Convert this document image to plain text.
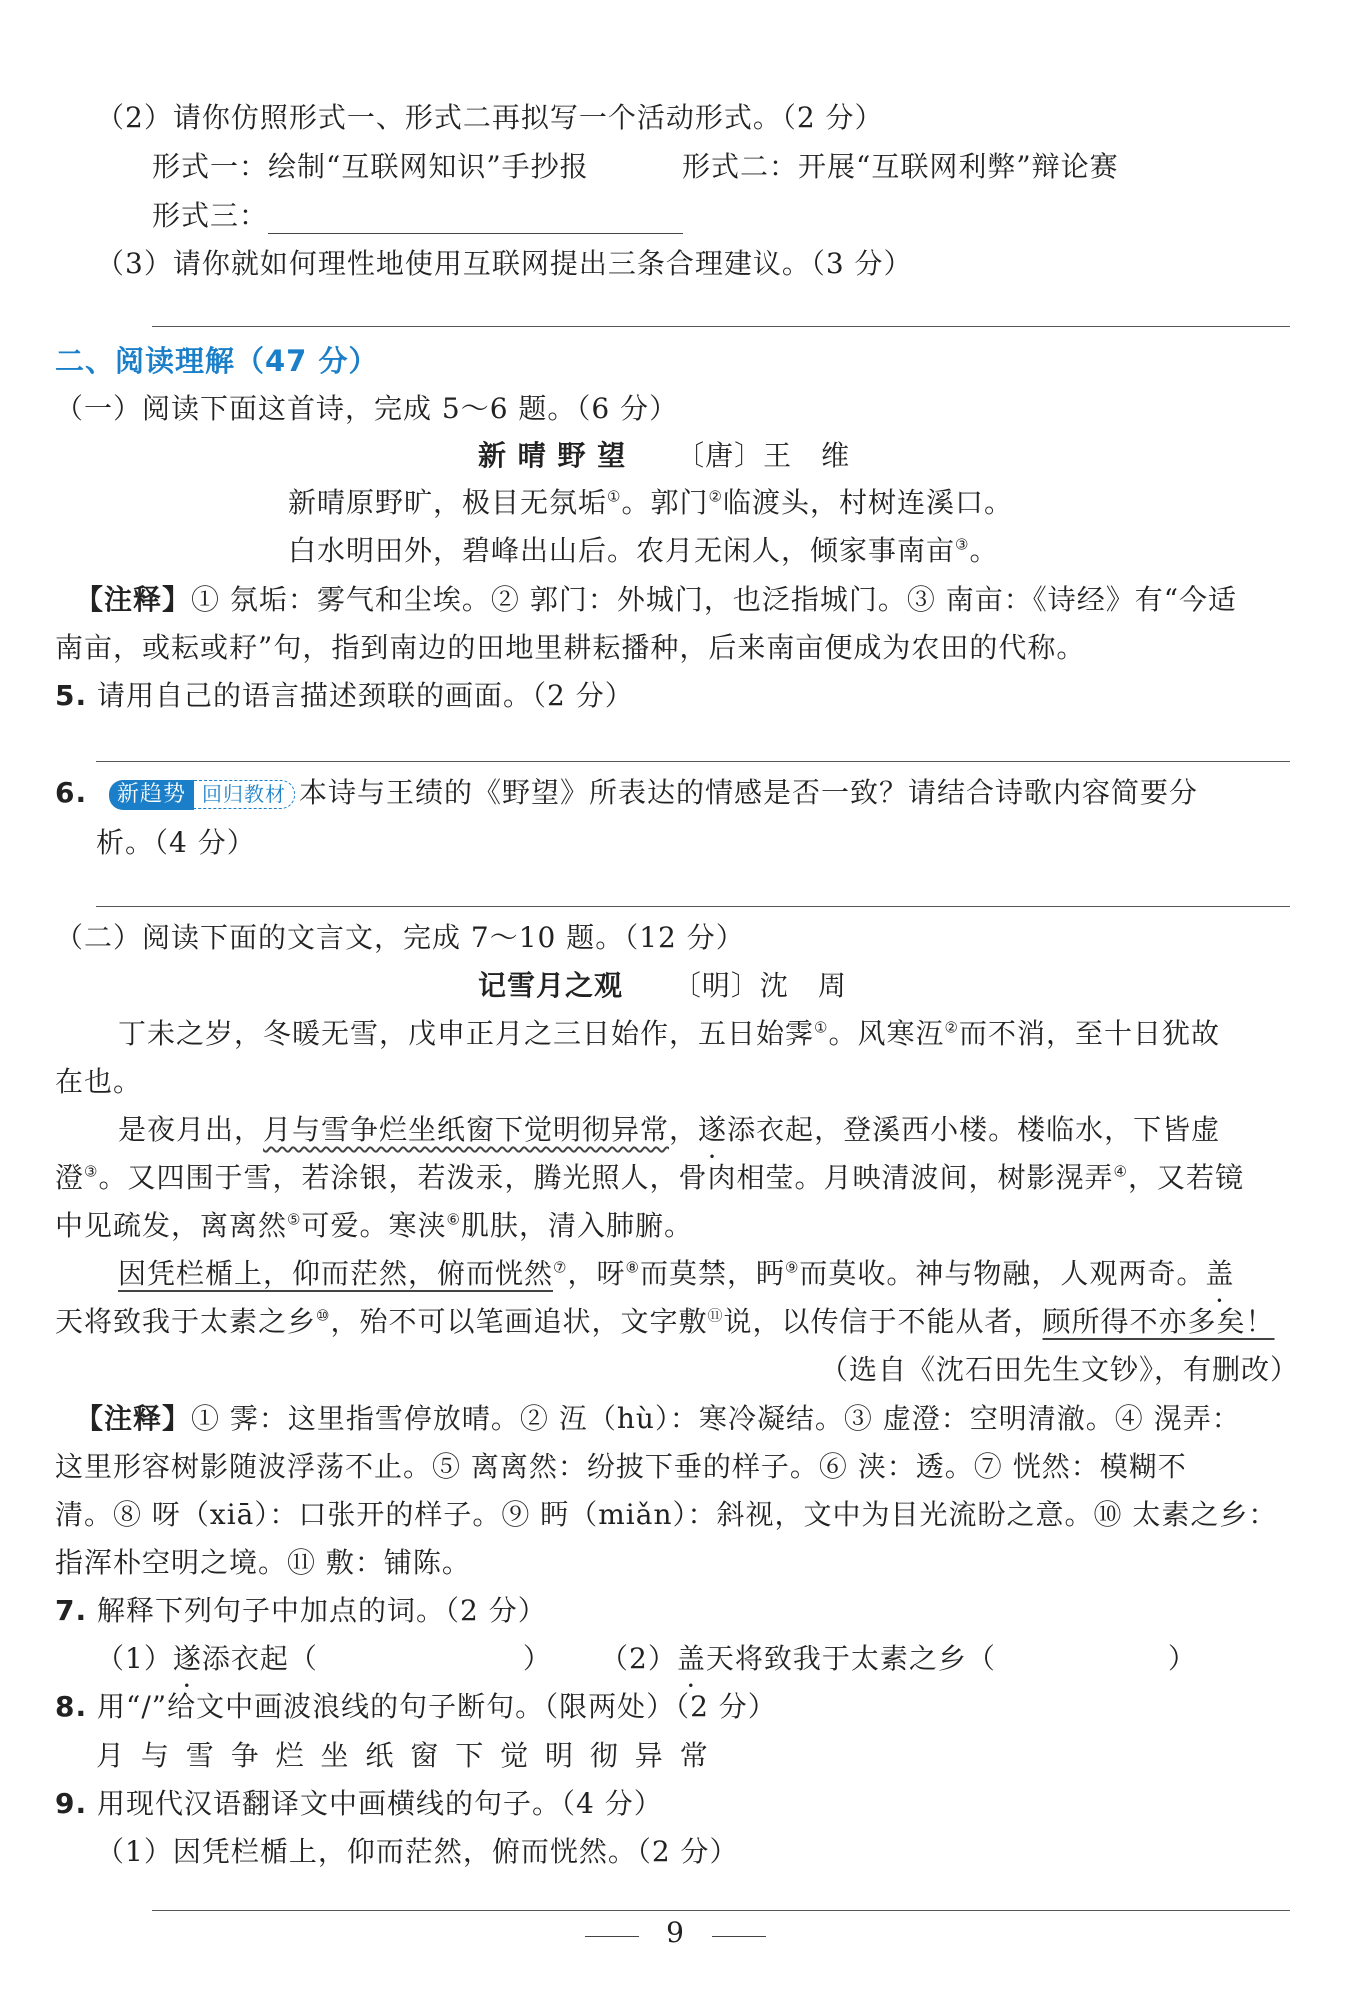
（2）请你仿照形式一、形式二再拟写一个活动形式。（2 分）
形式一：绘制“互联网知识”手抄报	形式二：开展“互联网利弊”辩论赛
形式三：
（3）请你就如何理性地使用互联网提出三条合理建议。（3 分）
二、阅读理解（47 分）
（一）阅读下面这首诗，完成 5～6 题。（6 分）
新 晴 野 望 〔唐〕王　维
新晴原野旷，极目无氛垢①。郭门②临渡头，村树连溪口。
白水明田外，碧峰出山后。农月无闲人，倾家事南亩③。
【注释】① 氛垢：雾气和尘埃。② 郭门：外城门，也泛指城门。③ 南亩：《诗经》有“今适
南亩，或耘或耔”句，指到南边的田地里耕耘播种，后来南亩便成为农田的代称。
5. 请用自己的语言描述颈联的画面。（2 分）
6.	新趋势 回归教材 本诗与王绩的《野望》所表达的情感是否一致？请结合诗歌内容简要分
析。（4 分）
（二）阅读下面的文言文，完成 7～10 题。（12 分）
记雪月之观 〔明〕沈　周
丁未之岁，冬暖无雪，戊申正月之三日始作，五日始霁①。风寒沍②而不消，至十日犹故
在也。
是夜月出，月与雪争烂坐纸窗下觉明彻异常，遂添衣起，登溪西小楼。楼临水，下皆虚
澄③。又四围于雪，若涂银，若泼汞，腾光照人，骨肉相莹。月映清波间，树影滉弄④，又若镜
中见疏发，离离然⑤可爱。寒浃⑥肌肤，清入肺腑。
因凭栏楯上，仰而茫然，俯而恍然⑦，呀⑧而莫禁，眄⑨而莫收。神与物融，人观两奇。盖
天将致我于太素之乡⑩，殆不可以笔画追状，文字敷⑪说，以传信于不能从者，顾所得不亦多矣！
（选自《沈石田先生文钞》，有删改）
【注释】① 霁：这里指雪停放晴。② 沍（hù）：寒冷凝结。③ 虚澄：空明清澈。④ 滉弄：
这里形容树影随波浮荡不止。⑤ 离离然：纷披下垂的样子。⑥ 浃：透。⑦ 恍然：模糊不
清。⑧ 呀（xiā）：口张开的样子。⑨ 眄（miǎn）：斜视，文中为目光流盼之意。⑩ 太素之乡：
指浑朴空明之境。⑪ 敷：铺陈。
7. 解释下列句子中加点的词。（2 分）
（1）遂添衣起（	） （2）盖天将致我于太素之乡（	）
8. 用“/”给文中画波浪线的句子断句。（限两处）（2 分）
月 与 雪 争 烂 坐 纸 窗 下 觉 明 彻 异 常
9. 用现代汉语翻译文中画横线的句子。（4 分）
（1）因凭栏楯上，仰而茫然，俯而恍然。（2 分）
9
